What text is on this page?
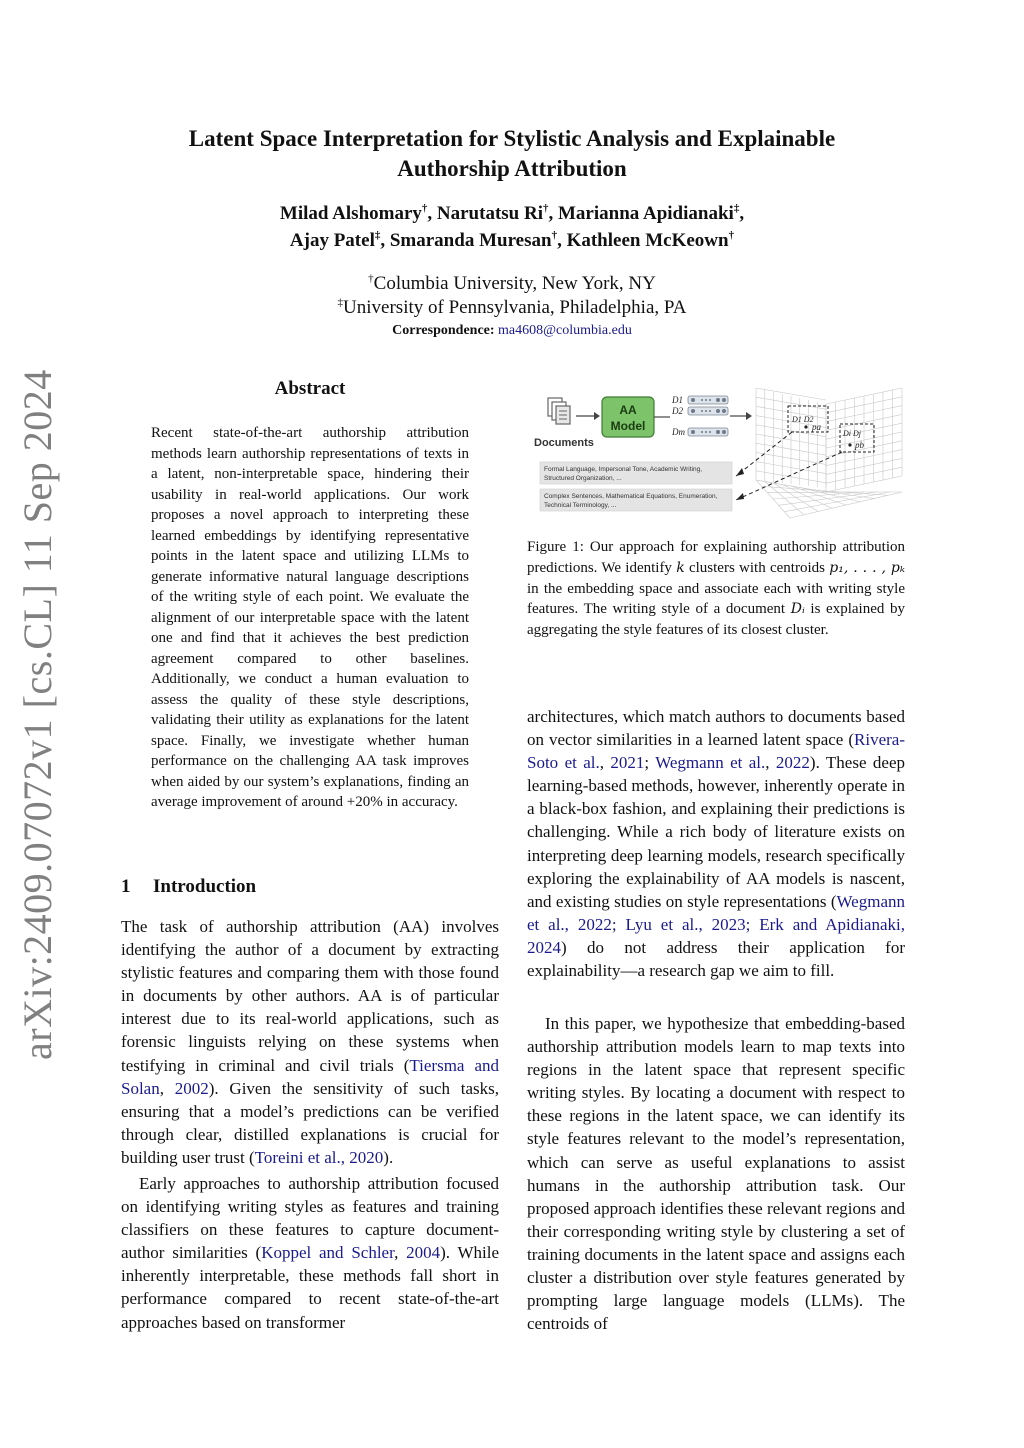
arXiv:2409.07072v1 [cs.CL] 11 Sep 2024
Latent Space Interpretation for Stylistic Analysis and Explainable
Authorship Attribution
Milad Alshomary†, Narutatsu Ri†, Marianna Apidianaki‡,
Ajay Patel‡, Smaranda Muresan†, Kathleen McKeown†
†Columbia University, New York, NY
‡University of Pennsylvania, Philadelphia, PA
Correspondence: ma4608@columbia.edu
Abstract
Recent state-of-the-art authorship attribution methods learn authorship representations of texts in a latent, non-interpretable space, hindering their usability in real-world applications. Our work proposes a novel approach to interpreting these learned embeddings by identifying representative points in the latent space and utilizing LLMs to generate informative natural language descriptions of the writing style of each point. We evaluate the alignment of our interpretable space with the latent one and find that it achieves the best prediction agreement compared to other baselines. Additionally, we conduct a human evaluation to assess the quality of these style descriptions, validating their utility as explanations for the latent space. Finally, we investigate whether human performance on the challenging AA task improves when aided by our system’s explanations, finding an average improvement of around +20% in accuracy.
1 Introduction
The task of authorship attribution (AA) involves identifying the author of a document by extracting stylistic features and comparing them with those found in documents by other authors. AA is of particular interest due to its real-world applications, such as forensic linguists relying on these systems when testifying in criminal and civil trials (Tiersma and Solan, 2002). Given the sensitivity of such tasks, ensuring that a model’s predictions can be verified through clear, distilled explanations is crucial for building user trust (Toreini et al., 2020).
Early approaches to authorship attribution focused on identifying writing styles as features and training classifiers on these features to capture document-author similarities (Koppel and Schler, 2004). While inherently interpretable, these methods fall short in performance compared to recent state-of-the-art approaches based on transformer
Documents
AA
Model
D1
D2
Dm
D1 D2
pa
Di Dj
pb
Formal Language, Impersonal Tone, Academic Writing,
Structured Organization, ...
Complex Sentences, Mathematical Equations, Enumeration,
Technical Terminology, ...
Figure 1: Our approach for explaining authorship attribution predictions. We identify k clusters with centroids p₁, . . . , pₖ in the embedding space and associate each with writing style features. The writing style of a document Dᵢ is explained by aggregating the style features of its closest cluster.
architectures, which match authors to documents based on vector similarities in a learned latent space (Rivera-Soto et al., 2021; Wegmann et al., 2022). These deep learning-based methods, however, inherently operate in a black-box fashion, and explaining their predictions is challenging. While a rich body of literature exists on interpreting deep learning models, research specifically exploring the explainability of AA models is nascent, and existing studies on style representations (Wegmann et al., 2022; Lyu et al., 2023; Erk and Apidianaki, 2024) do not address their application for explainability—a research gap we aim to fill.
In this paper, we hypothesize that embedding-based authorship attribution models learn to map texts into regions in the latent space that represent specific writing styles. By locating a document with respect to these regions in the latent space, we can identify its style features relevant to the model’s representation, which can serve as useful explanations to assist humans in the authorship attribution task. Our proposed approach identifies these relevant regions and their corresponding writing style by clustering a set of training documents in the latent space and assigns each cluster a distribution over style features generated by prompting large language models (LLMs). The centroids of
